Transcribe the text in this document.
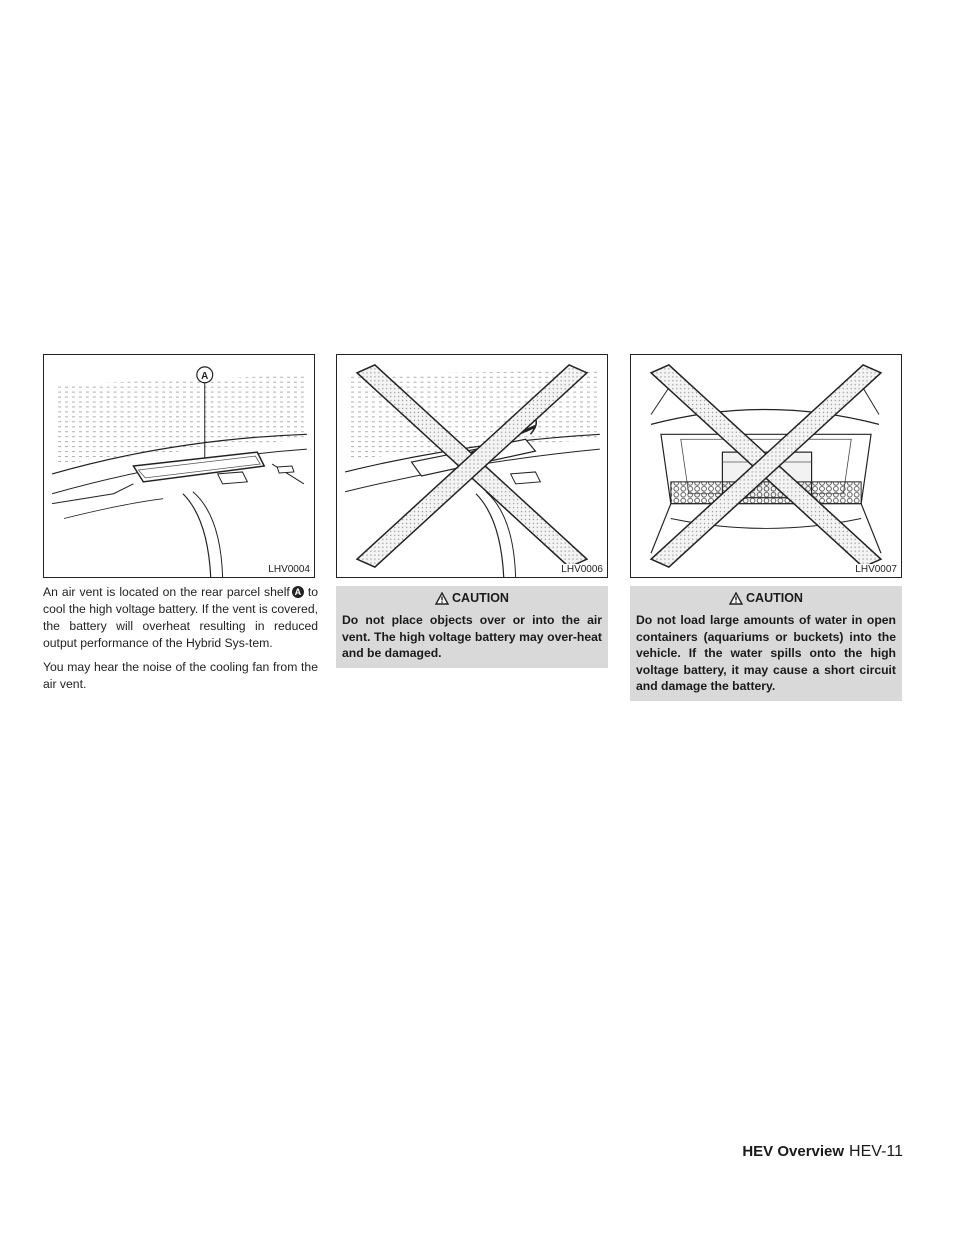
A
LHV0004	LHV0006	LHV0007

An air vent is located on the rear parcel shelf A to cool the high voltage battery. If the vent is covered, the battery will overheat resulting in reduced output performance of the Hybrid Sys-tem.

You may hear the noise of the cooling fan from the air vent.

CAUTION
Do not place objects over or into the air vent. The high voltage battery may over-heat and be damaged.
CAUTION
Do not load large amounts of water in open containers (aquariums or buckets) into the vehicle. If the water spills onto the high voltage battery, it may cause a short circuit and damage the battery.
HEV Overview HEV-11
